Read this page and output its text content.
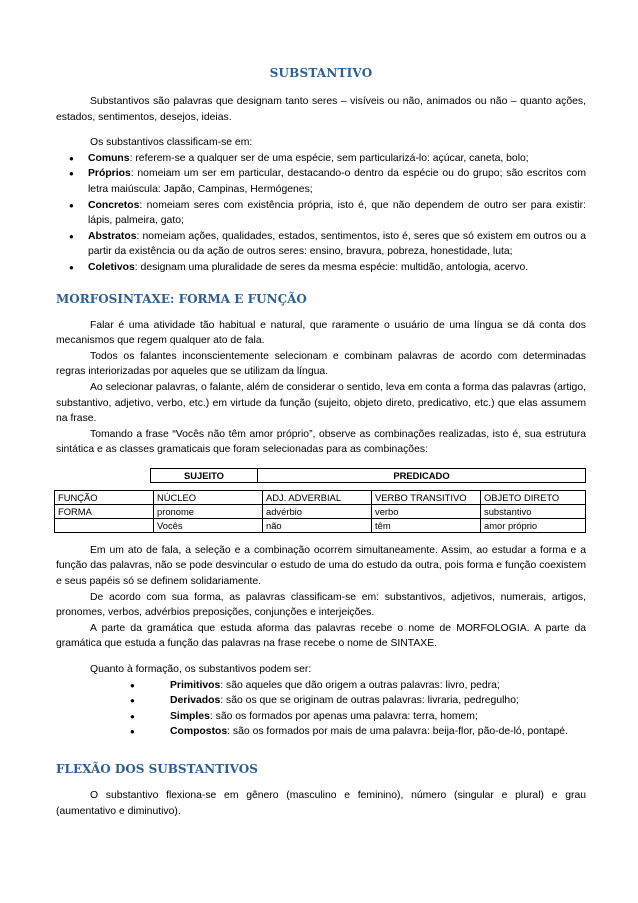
SUBSTANTIVO

Substantivos são palavras que designam tanto seres – visíveis ou não, animados ou não – quanto ações, estados, sentimentos, desejos, ideias.

Os substantivos classificam-se em:

● Comuns: referem-se a qualquer ser de uma espécie, sem particularizá-lo: açúcar, caneta, bolo;
● Próprios: nomeiam um ser em particular, destacando-o dentro da espécie ou do grupo; são escritos com letra maiúscula: Japão, Campinas, Hermógenes;
● Concretos: nomeiam seres com existência própria, isto é, que não dependem de outro ser para existir: lápis, palmeira, gato;
● Abstratos: nomeiam ações, qualidades, estados, sentimentos, isto é, seres que só existem em outros ou a partir da existência ou da ação de outros seres: ensino, bravura, pobreza, honestidade, luta;
● Coletivos: designam uma pluralidade de seres da mesma espécie: multidão, antologia, acervo.
MORFOSINTAXE: FORMA E FUNÇÃO

Falar é uma atividade tão habitual e natural, que raramente o usuário de uma língua se dá conta dos mecanismos que regem qualquer ato de fala.

Todos os falantes inconscientemente selecionam e combinam palavras de acordo com determinadas regras interiorizadas por aqueles que se utilizam da língua.

Ao selecionar palavras, o falante, além de considerar o sentido, leva em conta a forma das palavras (artigo, substantivo, adjetivo, verbo, etc.) em virtude da função (sujeito, objeto direto, predicativo, etc.) que elas assumem na frase.

Tomando a frase “Vocês não têm amor próprio”, observe as combinações realizadas, isto é, sua estrutura sintática e as classes gramaticais que foram selecionadas para as combinações:

SUJEITO	PREDICADO
FUNÇÃO	NÚCLEO	ADJ. ADVERBIAL	VERBO TRANSITIVO	OBJETO DIRETO
FORMA	pronome	advérbio	verbo	substantivo
	Vocês	não	têm	amor próprio

Em um ato de fala, a seleção e a combinação ocorrem simultaneamente. Assim, ao estudar a forma e a função das palavras, não se pode desvincular o estudo de uma do estudo da outra, pois forma e função coexistem e seus papéis só se definem solidariamente.

De acordo com sua forma, as palavras classificam-se em: substantivos, adjetivos, numerais, artigos, pronomes, verbos, advérbios preposições, conjunções e interjeições.

A parte da gramática que estuda aforma das palavras recebe o nome de MORFOLOGIA. A parte da gramática que estuda a função das palavras na frase recebe o nome de SINTAXE.

Quanto à formação, os substantivos podem ser:

● Primitivos: são aqueles que dão origem a outras palavras: livro, pedra;
● Derivados: são os que se originam de outras palavras: livraria, pedregulho;
● Simples: são os formados por apenas uma palavra: terra, homem;
● Compostos: são os formados por mais de uma palavra: beija-flor, pão-de-ló, pontapé.
FLEXÃO DOS SUBSTANTIVOS

O substantivo flexiona-se em gênero (masculino e feminino), número (singular e plural) e grau (aumentativo e diminutivo).
